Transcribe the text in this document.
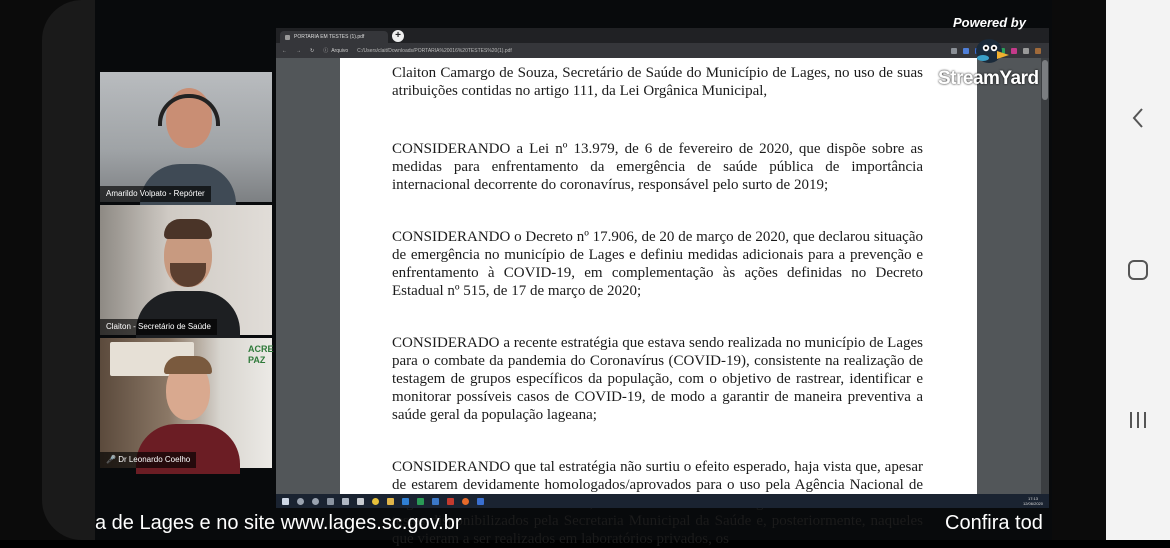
Amarildo Volpato - Repórter
Claiton - Secretário de Saúde
ACRE
PAZ
🎤 Dr Leonardo Coelho
PORTARIA EM TESTES (1).pdf	+
← → ↻ ⓘ Arquivo C:/Users/clait/Downloads/PORTARIA%20016%20TESTES%20(1).pdf

Claiton Camargo de Souza, Secretário de Saúde do Município de Lages, no uso de suas atribuições contidas no artigo 111, da Lei Orgânica Municipal,

CONSIDERANDO a Lei nº 13.979, de 6 de fevereiro de 2020, que dispõe sobre as medidas para enfrentamento da emergência de saúde pública de importância internacional decorrente do coronavírus, responsável pelo surto de 2019;

CONSIDERANDO o Decreto nº 17.906, de 20 de março de 2020, que declarou situação de emergência no município de Lages e definiu medidas adicionais para a prevenção e enfrentamento à COVID-19, em complementação às ações definidas no Decreto Estadual nº 515, de 17 de março de 2020;

CONSIDERADO a recente estratégia que estava sendo realizada no município de Lages para o combate da pandemia do Coronavírus (COVID-19), consistente na realização de testagem de grupos específicos da população, com o objetivo de rastrear, identificar e monitorar possíveis casos de COVID-19, de modo a garantir de maneira preventiva a saúde geral da população lageana;

CONSIDERANDO que tal estratégia não surtiu o efeito esperado, haja vista que, apesar de estarem devidamente homologados/aprovados para o uso pela Agência Nacional de testes disponibilizados pela Secretaria Municipal da Saúde e, posteriormente, naqueles que vieram a ser realizados em laboratórios privados, os

17:13
12/06/2020
Powered by
StreamYard
a de Lages e no site www.lages.sc.gov.br	Confira tod
